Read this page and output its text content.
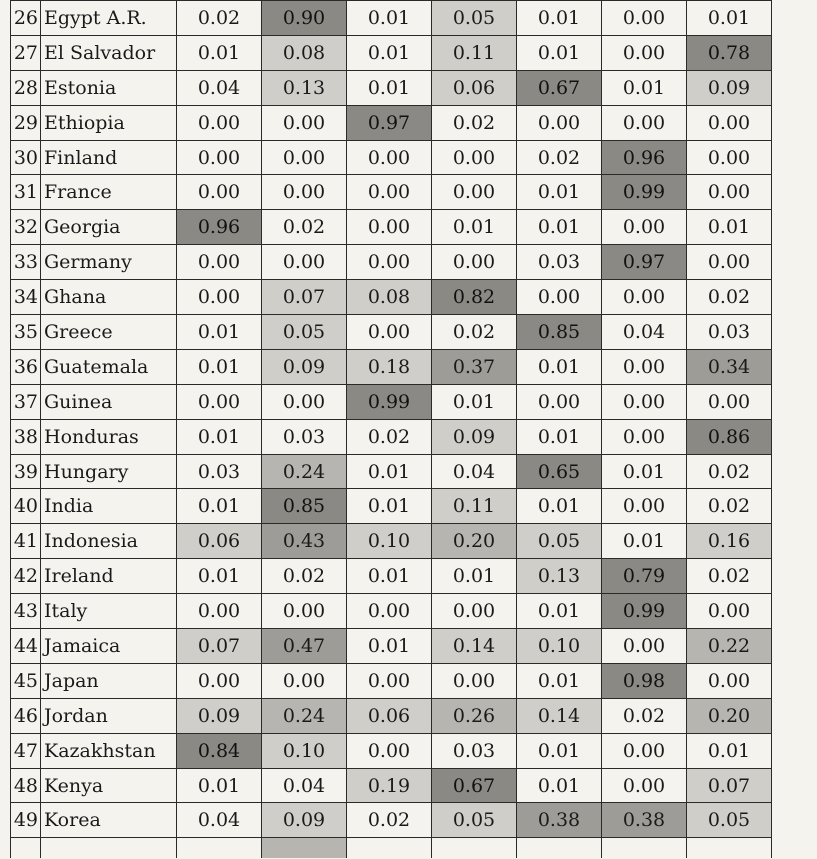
26	Egypt A.R.	0.02	0.90	0.01	0.05	0.01	0.00	0.01
27	El Salvador	0.01	0.08	0.01	0.11	0.01	0.00	0.78
28	Estonia	0.04	0.13	0.01	0.06	0.67	0.01	0.09
29	Ethiopia	0.00	0.00	0.97	0.02	0.00	0.00	0.00
30	Finland	0.00	0.00	0.00	0.00	0.02	0.96	0.00
31	France	0.00	0.00	0.00	0.00	0.01	0.99	0.00
32	Georgia	0.96	0.02	0.00	0.01	0.01	0.00	0.01
33	Germany	0.00	0.00	0.00	0.00	0.03	0.97	0.00
34	Ghana	0.00	0.07	0.08	0.82	0.00	0.00	0.02
35	Greece	0.01	0.05	0.00	0.02	0.85	0.04	0.03
36	Guatemala	0.01	0.09	0.18	0.37	0.01	0.00	0.34
37	Guinea	0.00	0.00	0.99	0.01	0.00	0.00	0.00
38	Honduras	0.01	0.03	0.02	0.09	0.01	0.00	0.86
39	Hungary	0.03	0.24	0.01	0.04	0.65	0.01	0.02
40	India	0.01	0.85	0.01	0.11	0.01	0.00	0.02
41	Indonesia	0.06	0.43	0.10	0.20	0.05	0.01	0.16
42	Ireland	0.01	0.02	0.01	0.01	0.13	0.79	0.02
43	Italy	0.00	0.00	0.00	0.00	0.01	0.99	0.00
44	Jamaica	0.07	0.47	0.01	0.14	0.10	0.00	0.22
45	Japan	0.00	0.00	0.00	0.00	0.01	0.98	0.00
46	Jordan	0.09	0.24	0.06	0.26	0.14	0.02	0.20
47	Kazakhstan	0.84	0.10	0.00	0.03	0.01	0.00	0.01
48	Kenya	0.01	0.04	0.19	0.67	0.01	0.00	0.07
49	Korea	0.04	0.09	0.02	0.05	0.38	0.38	0.05
